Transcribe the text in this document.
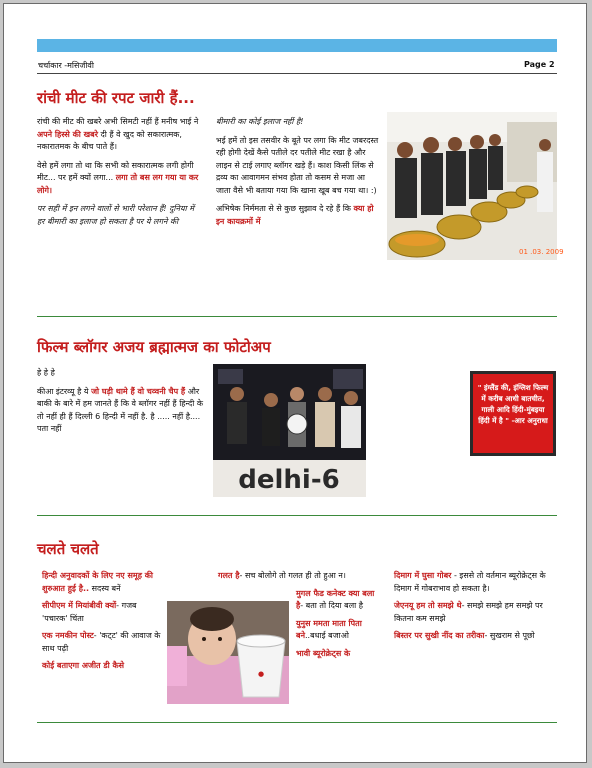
चर्चाकार -मसिजीवी	Page 2
रांची मीट की रपट जारी हैं...

रांची की मीट की खबरे अभी सिमटी नहीं हैं मनीष भाई ने अपने हिस्से की खबरे दी हैं वे खुद को सकारात्मक, नकारातमक के बीच पाते हैं।

वेसे हमें लगा तो था कि सभी को सकारात्मक लगी होगी मीट... पर हमें क्यों लगा... लगा तो बस लग गया या कर लोगे।

पर सही में इन लगने वालों से भारी परेशान हैं! दुनिया में हर बीमारी का इलाज हो सकता है पर ये लगने की

बीमारी का कोई इलाज नहीं है!

भई हमें तो इस तसवीर के बूते पर लगा कि मीट जबरदस्त रही होगी देखें कैसे पतीले दर पतीले मीट रखा है और लाइन से टाई लगाए ब्लॉगर खड़े हैं। काश किसी लिंक से द्रव्य का आवागमन संभव होता तो कसम से मजा आ जाता वैसे भी बताया गया कि खाना खूब बच गया था। :)

अभिषेक निर्ममता से से कुछ सुझाव दे रहे हैं कि क्या हो इन कायक्रमों में

01 .03. 2009
फिल्म ब्लॉगर अजय ब्रह्मात्मज का फोटोअप

हे हे हे

कीआ इंटरव्यू है ये जो घड़ी थामे हैं वो चव्वनी चैप हैं और बाकी के बारे में हम जानते हैं कि वे ब्लॉगर नहीं हैं हिन्दी के तो नहीं ही हैं दिल्ली 6 हिन्दी में नहीं है. है ..... नहीं है.... पता नहीं

delhi-6
" इंग्लैंड की, इंग्लिश फिल्म में करीब आधी बातचीत, गाली आदि हिंदी-मुंबइया हिंदी में है " -आर अनुराधा
चलते चलते
हिन्दी अनुवादकों के लिए नए समूह की शुरुआत हुई है.. सदस्य बनें
सीपीएम में मियांबीवी क्यों- गजब 'पचारक' चिंता
एक नमकीन पोस्ट- 'कट्‌ट' की आवाज के साथ पढ़ी
कोई बताएगा अजीत डी कैसे
●
गलत है- सच बोलोगे तो गलत ही तो हुआ न।
मुगल फैड कनेक्ट क्या बला है- बता तो दिया बला है
युनुस ममता माता पिता बने..बधाई बजाओ
भावी ब्यूरोक्रेट्स के
दिमाग में घुसा गोबर - इससे तो वर्तमान ब्यूरोक्रेट्स के दिमाग में गोबराभाव हो सकता है।
जेएनयू हम तो समझे थे- समझे समझे हम समझे पर कितना कम समझे
बिस्तर पर सुखी नींद का तरीका- सुखराम से पूछो
